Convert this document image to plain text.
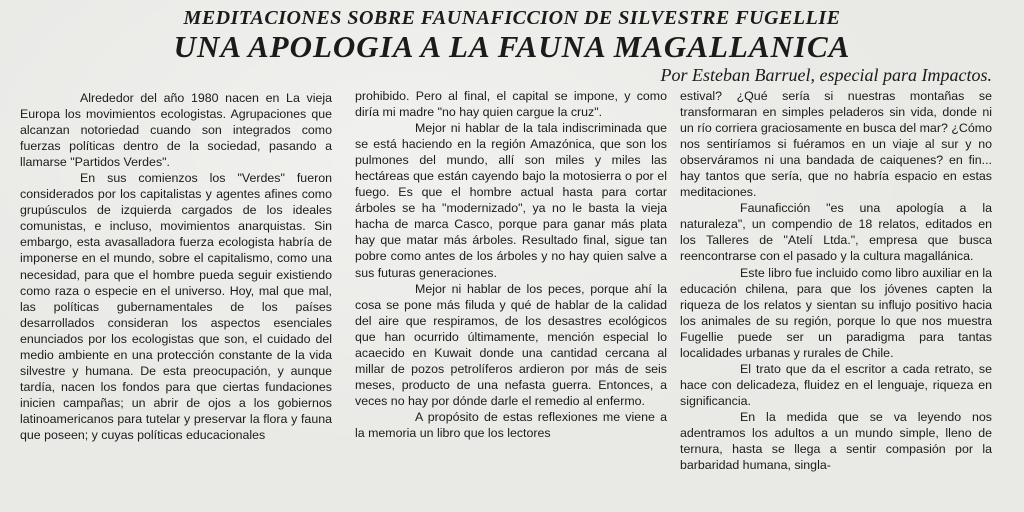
MEDITACIONES SOBRE FAUNAFICCION DE SILVESTRE FUGELLIE
UNA APOLOGIA A LA FAUNA MAGALLANICA
Por Esteban Barruel, especial para Impactos.

Alrededor del año 1980 nacen en La vieja Europa los movimientos ecologistas. Agrupaciones que alcanzan notoriedad cuando son integrados como fuerzas políticas dentro de la sociedad, pasando a llamarse "Partidos Verdes".

En sus comienzos los "Verdes" fueron considerados por los capitalistas y agentes afines como grupúsculos de izquierda cargados de los ideales comunistas, e incluso, movimientos anarquistas. Sin embargo, esta avasalladora fuerza ecologista habría de imponerse en el mundo, sobre el capitalismo, como una necesidad, para que el hombre pueda seguir existiendo como raza o especie en el universo. Hoy, mal que mal, las políticas gubernamentales de los países desarrollados consideran los aspectos esenciales enunciados por los ecologistas que son, el cuidado del medio ambiente en una protección constante de la vida silvestre y humana. De esta preocupación, y aunque tardía, nacen los fondos para que ciertas fundaciones inicien campañas; un abrir de ojos a los gobiernos latinoamericanos para tutelar y preservar la flora y fauna que poseen; y cuyas políticas educacionales

prohibido. Pero al final, el capital se impone, y como diría mi madre "no hay quien cargue la cruz".

Mejor ni hablar de la tala indiscriminada que se está haciendo en la región Amazónica, que son los pulmones del mundo, allí son miles y miles las hectáreas que están cayendo bajo la motosierra o por el fuego. Es que el hombre actual hasta para cortar árboles se ha "modernizado", ya no le basta la vieja hacha de marca Casco, porque para ganar más plata hay que matar más árboles. Resultado final, sigue tan pobre como antes de los árboles y no hay quien salve a sus futuras generaciones.

Mejor ni hablar de los peces, porque ahí la cosa se pone más filuda y qué de hablar de la calidad del aire que respiramos, de los desastres ecológicos que han ocurrido últimamente, mención especial lo acaecido en Kuwait donde una cantidad cercana al millar de pozos petrolíferos ardieron por más de seis meses, producto de una nefasta guerra. Entonces, a veces no hay por dónde darle el remedio al enfermo.

A propósito de estas reflexiones me viene a la memoria un libro que los lectores

estival? ¿Qué sería si nuestras montañas se transformaran en simples peladeros sin vida, donde ni un río corriera graciosamente en busca del mar? ¿Cómo nos sentiríamos si fuéramos en un viaje al sur y no observáramos ni una bandada de caiquenes? en fin... hay tantos que sería, que no habría espacio en estas meditaciones.

Faunaficción "es una apología a la naturaleza", un compendio de 18 relatos, editados en los Talleres de "Atelí Ltda.", empresa que busca reencontrarse con el pasado y la cultura magallánica.

Este libro fue incluido como libro auxiliar en la educación chilena, para que los jóvenes capten la riqueza de los relatos y sientan su influjo positivo hacia los animales de su región, porque lo que nos muestra Fugellie puede ser un paradigma para tantas localidades urbanas y rurales de Chile.

El trato que da el escritor a cada retrato, se hace con delicadeza, fluidez en el lenguaje, riqueza en significancia.

En la medida que se va leyendo nos adentramos los adultos a un mundo simple, lleno de ternura, hasta se llega a sentir compasión por la barbaridad humana, singla-
